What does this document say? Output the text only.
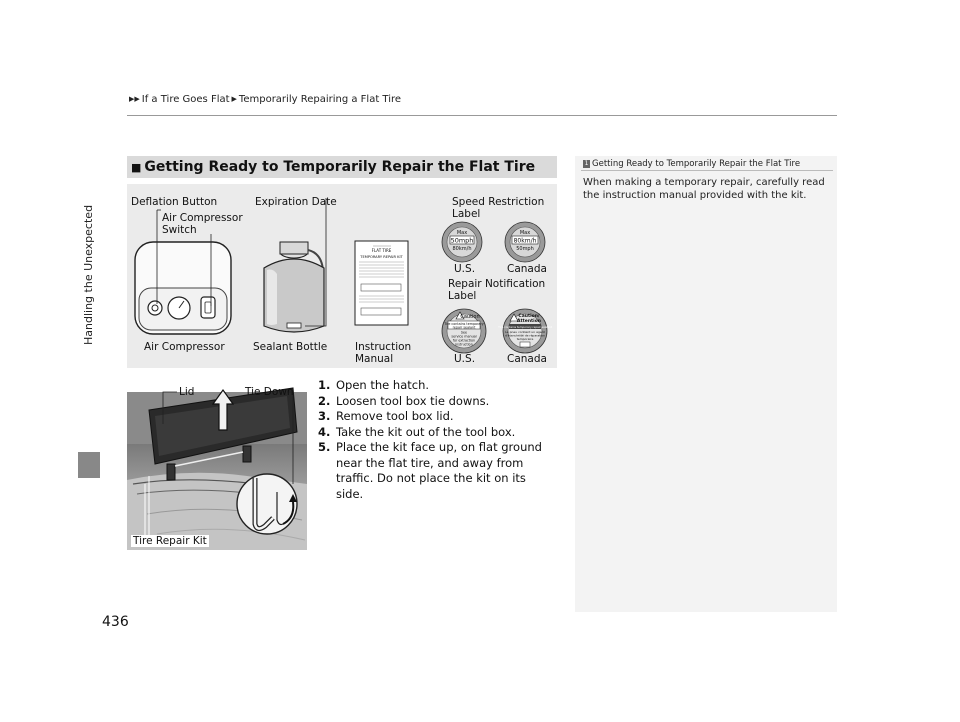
▶▶ If a Tire Goes Flat ▶ Temporarily Repairing a Flat Tire
Handling the Unexpected
436
■ Getting Ready to Temporarily Repair the Flat Tire
FLAT TIRE
TEMPORARY REPAIR KIT
Max
50mph
80km/h
Max
80km/h
50mph
Caution
Tire contains temporary
repair sealant
See
service manual
for extraction
instruction
Caution/
Attention
Tire contains temporary repair sealant
Le pneu contient un agent
d'étanchéité de réparation
temporaire
Deflation Button
Air Compressor
Switch
Expiration Date	Speed Restriction
Label
U.S.	Canada
Repair Notification
Label
Air Compressor	Sealant Bottle	Instruction
Manual	U.S.	Canada
Lid	Tie Down
Tire Repair Kit
1. Open the hatch.
2. Loosen tool box tie downs.
3. Remove tool box lid.
4. Take the kit out of the tool box.
5. Place the kit face up, on flat ground near the flat tire, and away from traffic. Do not place the kit on its side.
1 Getting Ready to Temporarily Repair the Flat Tire
When making a temporary repair, carefully read the instruction manual provided with the kit.
